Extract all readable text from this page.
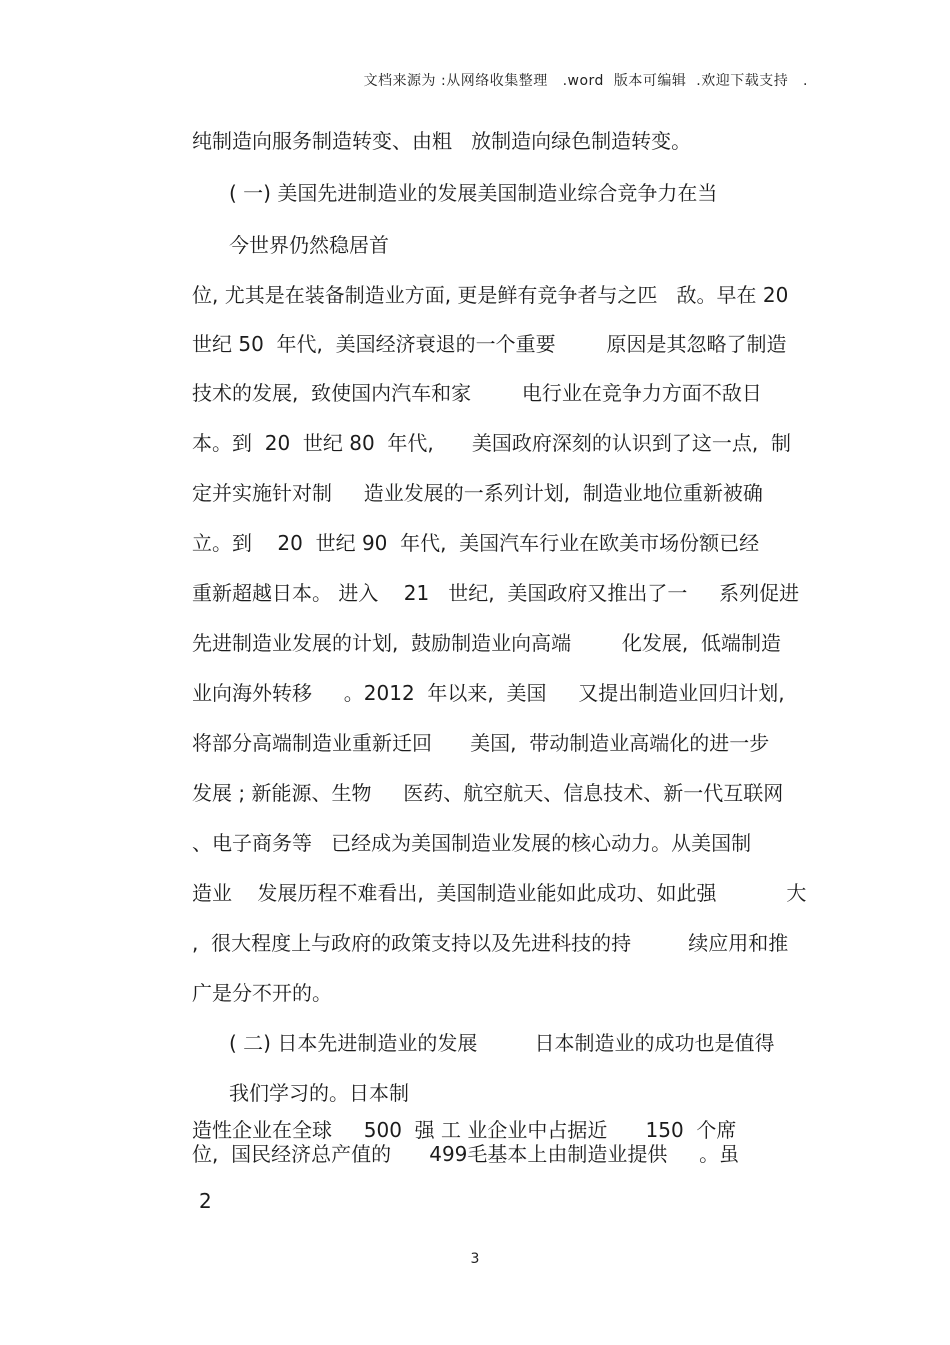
文档来源为 :从网络收集整理   .word  版本可编辑  .欢迎下载支持   .
纯制造向服务制造转变、由粗   放制造向绿色制造转变。
( 一) 美国先进制造业的发展美国制造业综合竞争力在当
今世界仍然稳居首
位, 尤其是在装备制造业方面, 更是鲜有竞争者与之匹   敌。早在 20
世纪 50  年代,  美国经济衰退的一个重要        原因是其忽略了制造
技术的发展,  致使国内汽车和家        电行业在竞争力方面不敌日
本。到  20  世纪 80  年代,      美国政府深刻的认识到了这一点,  制
定并实施针对制     造业发展的一系列计划,  制造业地位重新被确
立。到    20  世纪 90  年代,  美国汽车行业在欧美市场份额已经
重新超越日本。 进入    21   世纪,  美国政府又推出了一     系列促进
先进制造业发展的计划,  鼓励制造业向高端        化发展,  低端制造
业向海外转移     。2012  年以来,  美国     又提出制造业回归计划,
将部分高端制造业重新迁回      美国,  带动制造业高端化的进一步
发展 ; 新能源、生物     医药、航空航天、信息技术、新一代互联网
、电子商务等   已经成为美国制造业发展的核心动力。从美国制
造业    发展历程不难看出,  美国制造业能如此成功、如此强           大
,  很大程度上与政府的政策支持以及先进科技的持         续应用和推
广是分不开的。
( 二) 日本先进制造业的发展         日本制造业的成功也是值得
我们学习的。日本制
造性企业在全球     500  强 工 业企业中占据近      150  个席
位,  国民经济总产值的      499毛基本上由制造业提供     。虽
2
3
